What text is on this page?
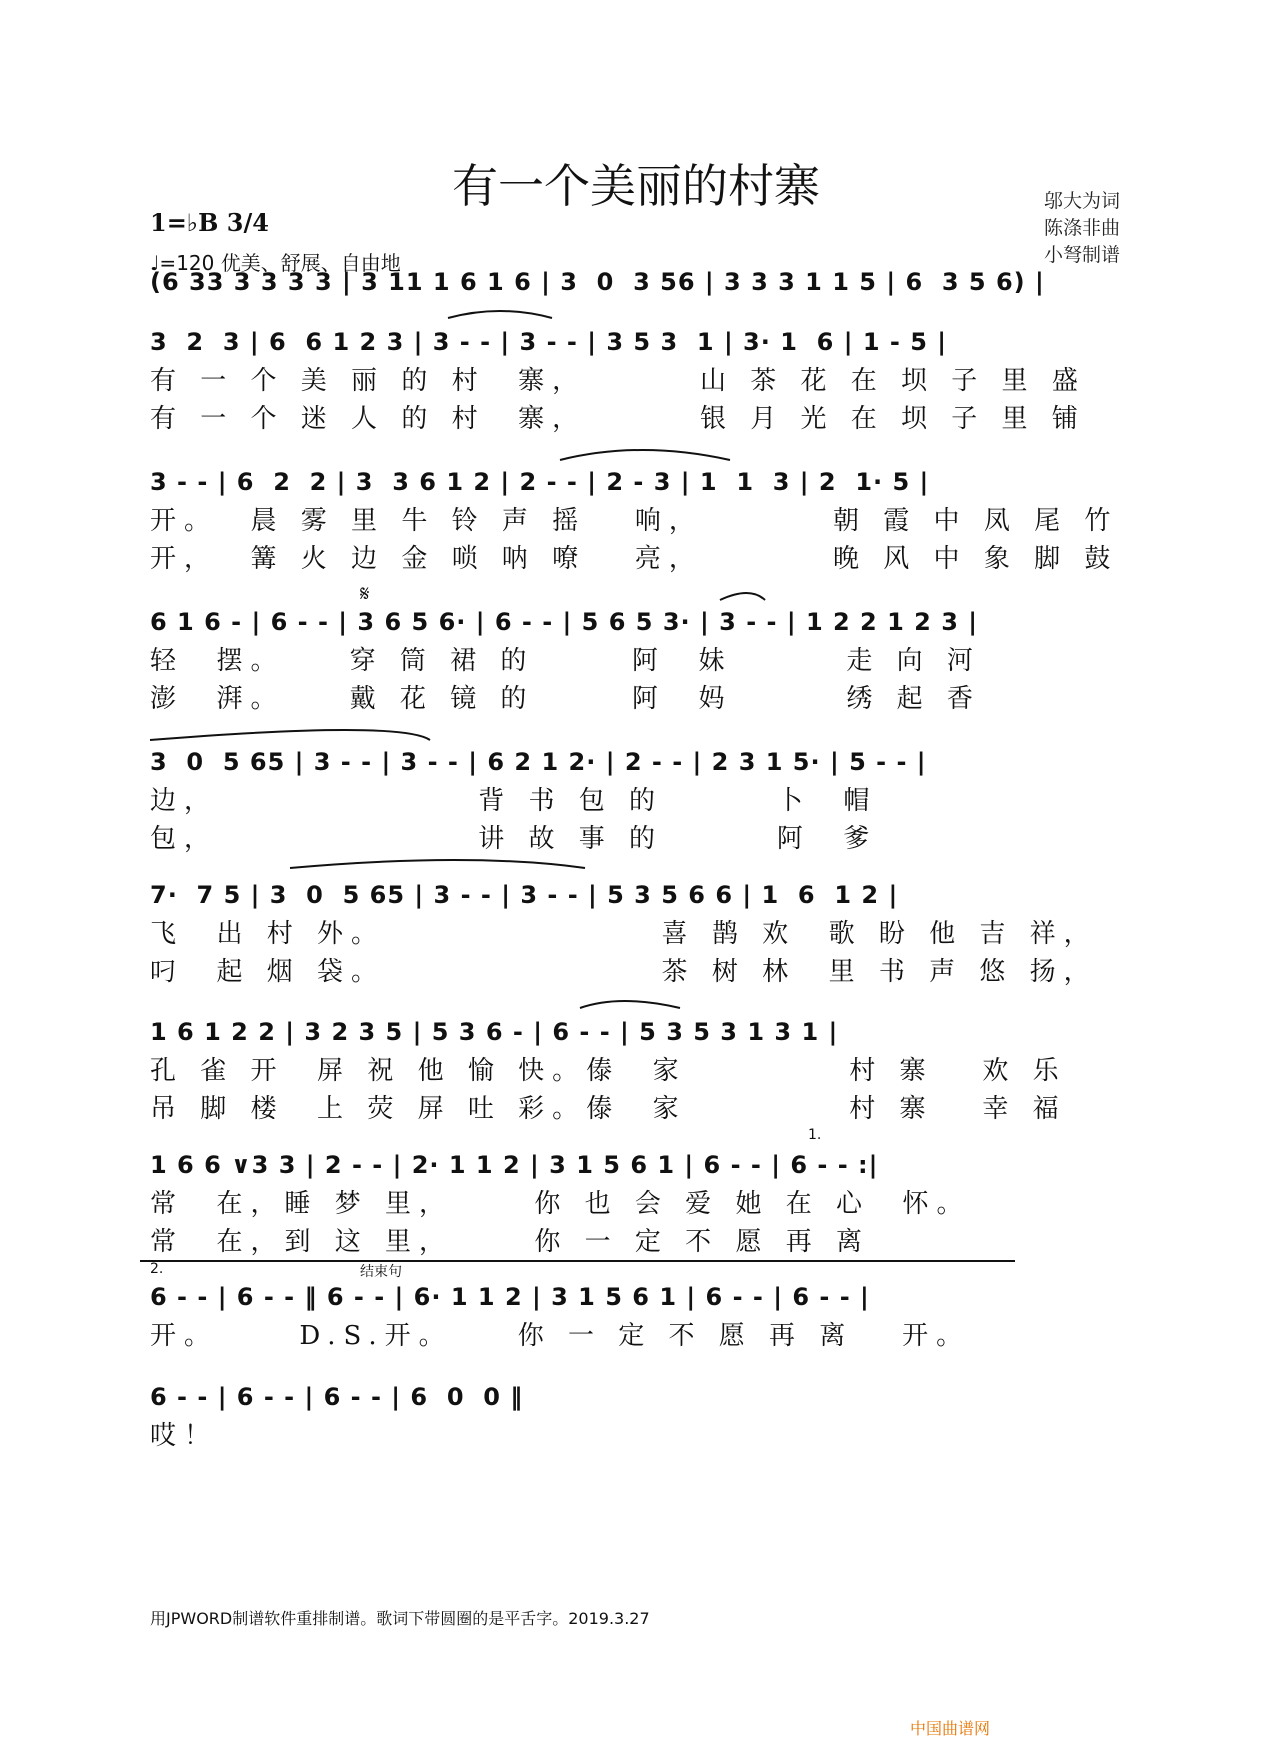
有一个美丽的村寨	邬大为词
陈涤非曲
小弩制谱
1=♭B 3/4
♩=120 优美、舒展、自由地
(6 33 3 3 3 3 | 3 11 1 6 1 6 | 3  0  3 56 | 3 3 3 1 1 5 | 6  3 5 6) |
3  2  3 | 6  6 1 2 3 | 3 - - | 3 - - | 3 5 3  1 | 3· 1  6 | 1 - 5 |
有 一 个 美 丽 的 村  寨，       山 茶 花 在 坝 子 里 盛
有 一 个 迷 人 的 村  寨，       银 月 光 在 坝 子 里 铺
3 - - | 6  2  2 | 3  3 6 1 2 | 2 - - | 2 - 3 | 1  1  3 | 2  1· 5 |
开。  晨 雾 里 牛 铃 声 摇   响，        朝 霞 中 凤 尾 竹
开，  篝 火 边 金 唢 呐 嘹   亮，        晚 风 中 象 脚 鼓
6 1 6 - | 6 - - | 3 6 5 6· | 6 - - | 5 6 5 3· | 3 - - | 1 2 2 1 2 3 |
轻  摆。    穿 筒 裙 的      阿  妹       走 向 河
澎  湃。    戴 花 镜 的      阿  妈       绣 起 香
3  0  5 65 | 3 - - | 3 - - | 6 2 1 2· | 2 - - | 2 3 1 5· | 5 - - |
边，                背 书 包 的       卜  帽
包，                讲 故 事 的       阿  爹
7·  7 5 | 3  0  5 65 | 3 - - | 3 - - | 5 3 5 6 6 | 1  6  1 2 |
飞  出 村 外。                 喜 鹊 欢  歌 盼 他 吉 祥，
叼  起 烟 袋。                 茶 树 林  里 书 声 悠 扬，
1 6 1 2 2 | 3 2 3 5 | 5 3 6 - | 6 - - | 5 3 5 3 1 3 1 |
孔 雀 开  屏 祝 他 愉 快。傣  家          村 寨   欢 乐
吊 脚 楼  上 荧 屏 吐 彩。傣  家          村 寨   幸 福
1 6 6 ∨3 3 | 2 - - | 2· 1 1 2 | 3 1 5 6 1 | 6 - - | 6 - - :|
常  在，睡 梦 里，     你 也 会 爱 她 在 心  怀。
常  在，到 这 里，     你 一 定 不 愿 再 离
1.
2.	结束句
6 - - | 6 - - ‖ 6 - - | 6· 1 1 2 | 3 1 5 6 1 | 6 - - | 6 - - |
开。     D.S.开。    你 一 定 不 愿 再 离   开。
6 - - | 6 - - | 6 - - | 6  0  0 ‖
哎！
𝄋
用JPWORD制谱软件重排制谱。歌词下带圆圈的是平舌字。2019.3.27
中国曲谱网
